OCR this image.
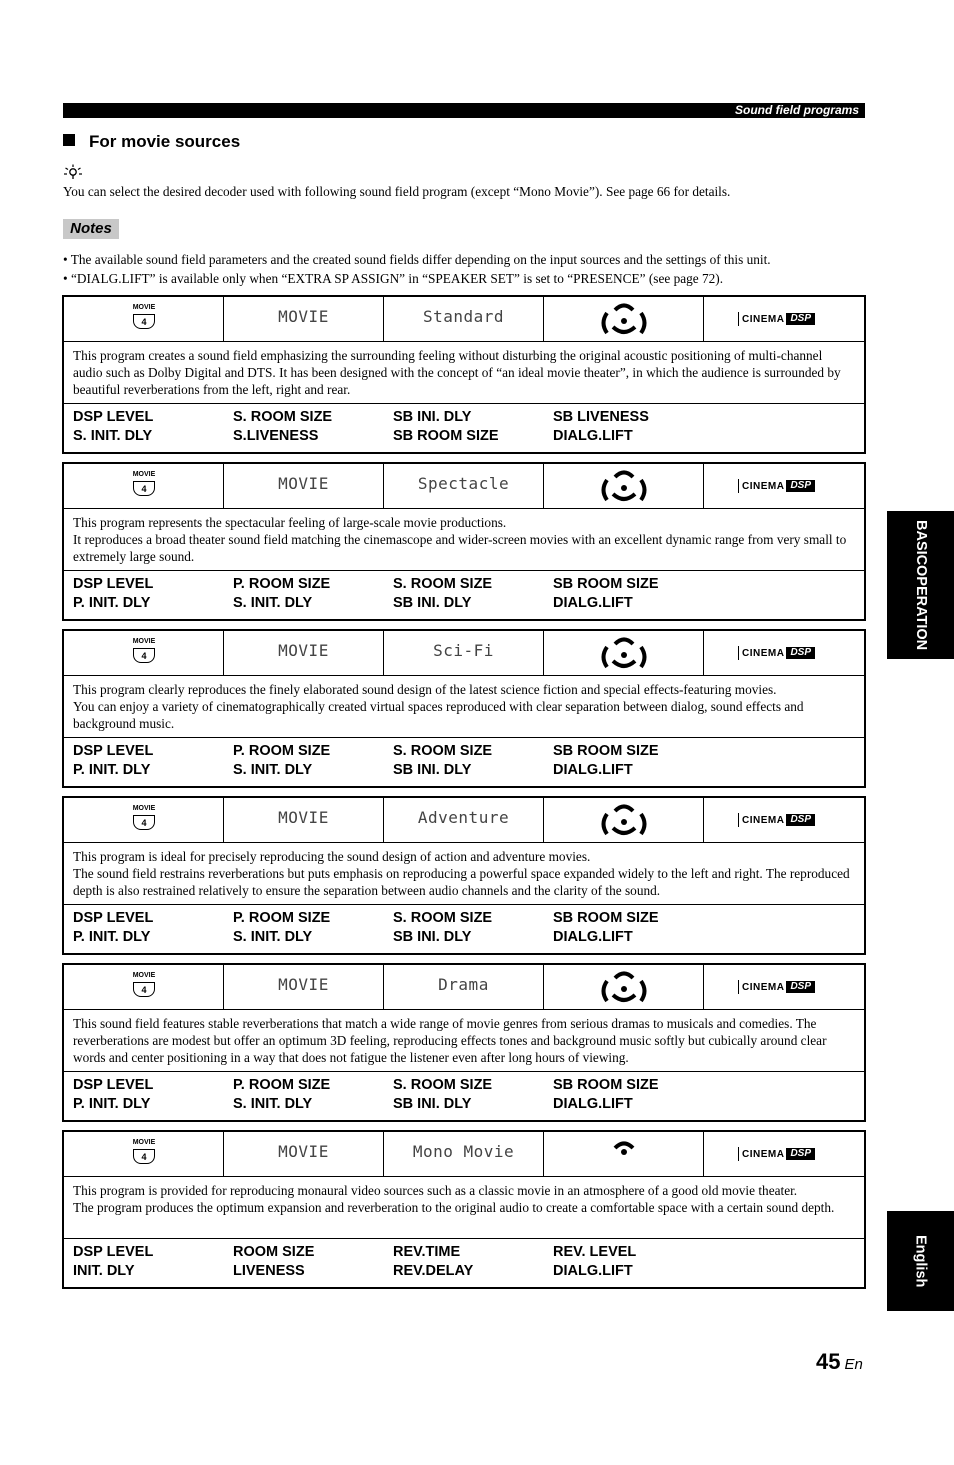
Sound field programs
For movie sources
You can select the desired decoder used with following sound field program (except “Mono Movie”). See page 66 for details.
Notes
• The available sound field parameters and the created sound fields differ depending on the input sources and the settings of this unit.
• “DIALG.LIFT” is available only when “EXTRA SP ASSIGN” in “SPEAKER SET” is set to “PRESENCE” (see page 72).
MOVIE
4	MOVIE	Standard	CINEMA DSP

This program creates a sound field emphasizing the surrounding feeling without disturbing the original acoustic positioning of multi-channel audio such as Dolby Digital and DTS. It has been designed with the concept of “an ideal movie theater”, in which the audience is surrounded by beautiful reverberations from the left, right and rear.

DSP LEVEL	S. ROOM SIZE	SB INI. DLY	SB LIVENESS
S. INIT. DLY	S.LIVENESS	SB ROOM SIZE	DIALG.LIFT
MOVIE
4	MOVIE	Spectacle	CINEMA DSP

This program represents the spectacular feeling of large-scale movie productions.

It reproduces a broad theater sound field matching the cinemascope and wider-screen movies with an excellent dynamic range from very small to extremely large sound.

DSP LEVEL	P. ROOM SIZE	S. ROOM SIZE	SB ROOM SIZE
P. INIT. DLY	S. INIT. DLY	SB INI. DLY	DIALG.LIFT
MOVIE
4	MOVIE	Sci-Fi	CINEMA DSP

This program clearly reproduces the finely elaborated sound design of the latest science fiction and special effects-featuring movies.

You can enjoy a variety of cinematographically created virtual spaces reproduced with clear separation between dialog, sound effects and background music.

DSP LEVEL	P. ROOM SIZE	S. ROOM SIZE	SB ROOM SIZE
P. INIT. DLY	S. INIT. DLY	SB INI. DLY	DIALG.LIFT
MOVIE
4	MOVIE	Adventure	CINEMA DSP

This program is ideal for precisely reproducing the sound design of action and adventure movies.

The sound field restrains reverberations but puts emphasis on reproducing a powerful space expanded widely to the left and right. The reproduced depth is also restrained relatively to ensure the separation between audio channels and the clarity of the sound.

DSP LEVEL	P. ROOM SIZE	S. ROOM SIZE	SB ROOM SIZE
P. INIT. DLY	S. INIT. DLY	SB INI. DLY	DIALG.LIFT
MOVIE
4	MOVIE	Drama	CINEMA DSP

This sound field features stable reverberations that match a wide range of movie genres from serious dramas to musicals and comedies. The reverberations are modest but offer an optimum 3D feeling, reproducing effects tones and background music softly but cubically around clear words and center positioning in a way that does not fatigue the listener even after long hours of viewing.

DSP LEVEL	P. ROOM SIZE	S. ROOM SIZE	SB ROOM SIZE
P. INIT. DLY	S. INIT. DLY	SB INI. DLY	DIALG.LIFT
MOVIE
4	MOVIE	Mono Movie	CINEMA DSP

This program is provided for reproducing monaural video sources such as a classic movie in an atmosphere of a good old movie theater.

The program produces the optimum expansion and reverberation to the original audio to create a comfortable space with a certain sound depth.

DSP LEVEL	ROOM SIZE	REV.TIME	REV. LEVEL
INIT. DLY	LIVENESS	REV.DELAY	DIALG.LIFT
BASIC
OPERATION
English
45 En
